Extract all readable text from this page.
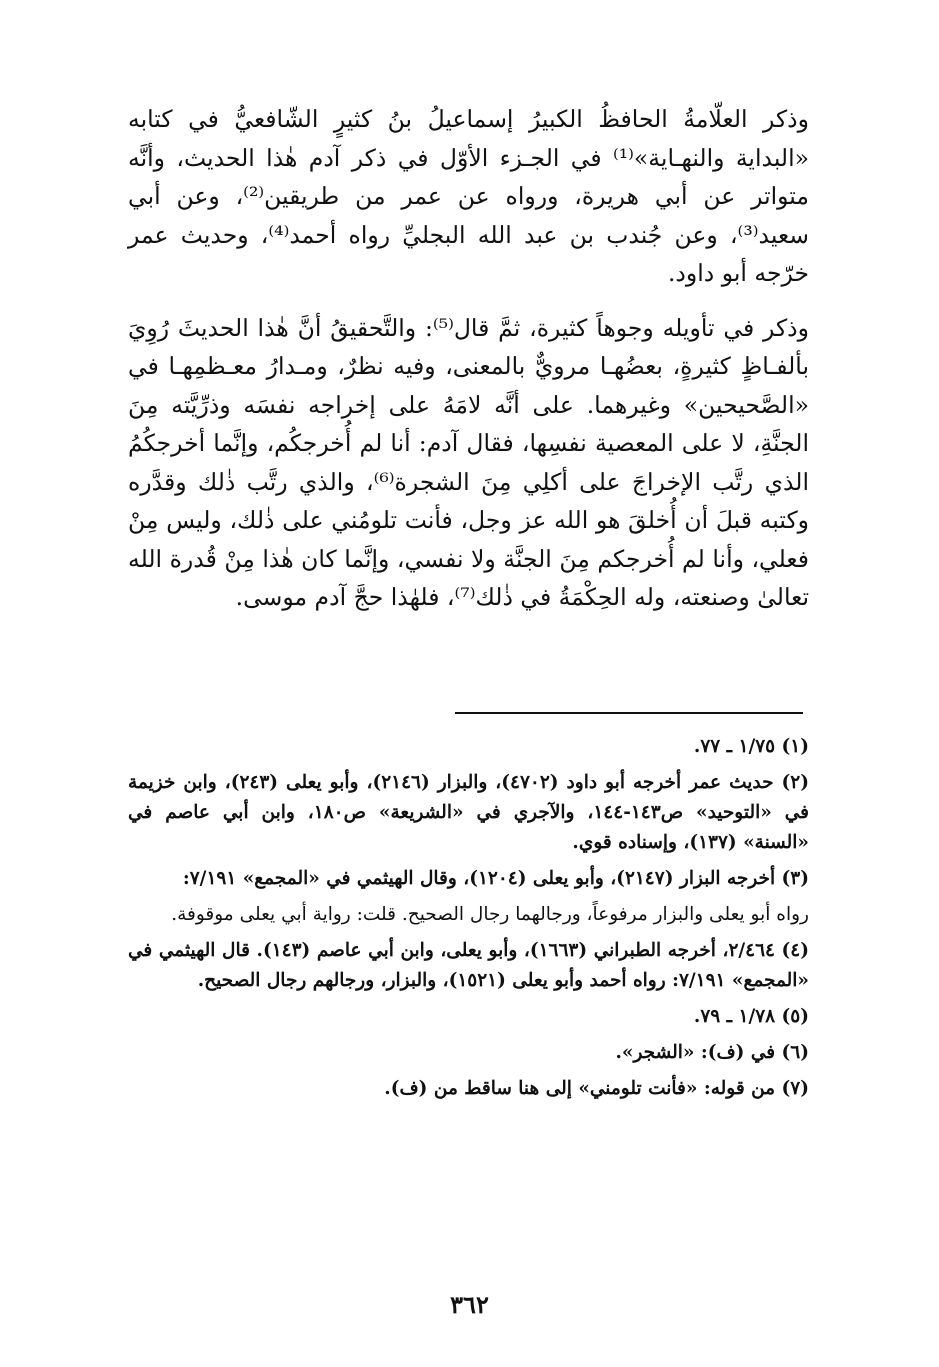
وذكر العلّامةُ الحافظُ الكبيرُ إسماعيلُ بنُ كثيرٍ الشّافعيُّ في كتابه «البداية والنهـاية»⁽¹⁾ في الجـزء الأوّل في ذكر آدم هٰذا الحديث، وأنَّه متواتر عن أبي هريرة، ورواه عن عمر من طريقين⁽²⁾، وعن أبي سعيد⁽³⁾، وعن جُندب بن عبد الله البجليِّ رواه أحمد⁽⁴⁾، وحديث عمر خرّجه أبو داود.

وذكر في تأويله وجوهاً كثيرة، ثمَّ قال⁽⁵⁾: والتَّحقيقُ أنَّ هٰذا الحديثَ رُوِيَ بألفـاظٍ كثيرةٍ، بعضُهـا مرويٌّ بالمعنى، وفيه نظرٌ، ومـدارُ معـظمِهـا في «الصَّحيحين» وغيرهما. على أنَّه لامَهُ على إخراجه نفسَه وذرِّيَّته مِنَ الجنَّةِ، لا على المعصية نفسِها، فقال آدم: أنا لم أُخرجكُم، وإنَّما أخرجكُمُ الذي رتَّب الإخراجَ على أكلِي مِنَ الشجرة⁽⁶⁾، والذي رتَّب ذٰلك وقدَّره وكتبه قبلَ أن أُخلقَ هو الله عز وجل، فأنت تلومُني على ذٰلك، وليس مِنْ فعلي، وأنا لم أُخرجكم مِنَ الجنَّة ولا نفسي، وإنَّما كان هٰذا مِنْ قُدرة الله تعالىٰ وصنعته، وله الحِكْمَةُ في ذٰلك⁽⁷⁾، فلهٰذا حجَّ آدم موسى.

(١) ١/٧٥ ـ ٧٧.
(٢) حديث عمر أخرجه أبو داود (٤٧٠٢)، والبزار (٢١٤٦)، وأبو يعلى (٢٤٣)، وابن خزيمة في «التوحيد» ص١٤٣-١٤٤، والآجري في «الشريعة» ص١٨٠، وابن أبي عاصم في «السنة» (١٣٧)، وإسناده قوي.
(٣) أخرجه البزار (٢١٤٧)، وأبو يعلى (١٢٠٤)، وقال الهيثمي في «المجمع» ٧/١٩١:
رواه أبو يعلى والبزار مرفوعاً، ورجالهما رجال الصحيح. قلت: رواية أبي يعلى موقوفة.
(٤) ٢/٤٦٤، أخرجه الطبراني (١٦٦٣)، وأبو يعلى، وابن أبي عاصم (١٤٣). قال الهيثمي في «المجمع» ٧/١٩١: رواه أحمد وأبو يعلى (١٥٢١)، والبزار، ورجالهم رجال الصحيح.
(٥) ١/٧٨ ـ ٧٩.
(٦) في (ف): «الشجر».
(٧) من قوله: «فأنت تلومني» إلى هنا ساقط من (ف).
٣٦٢
